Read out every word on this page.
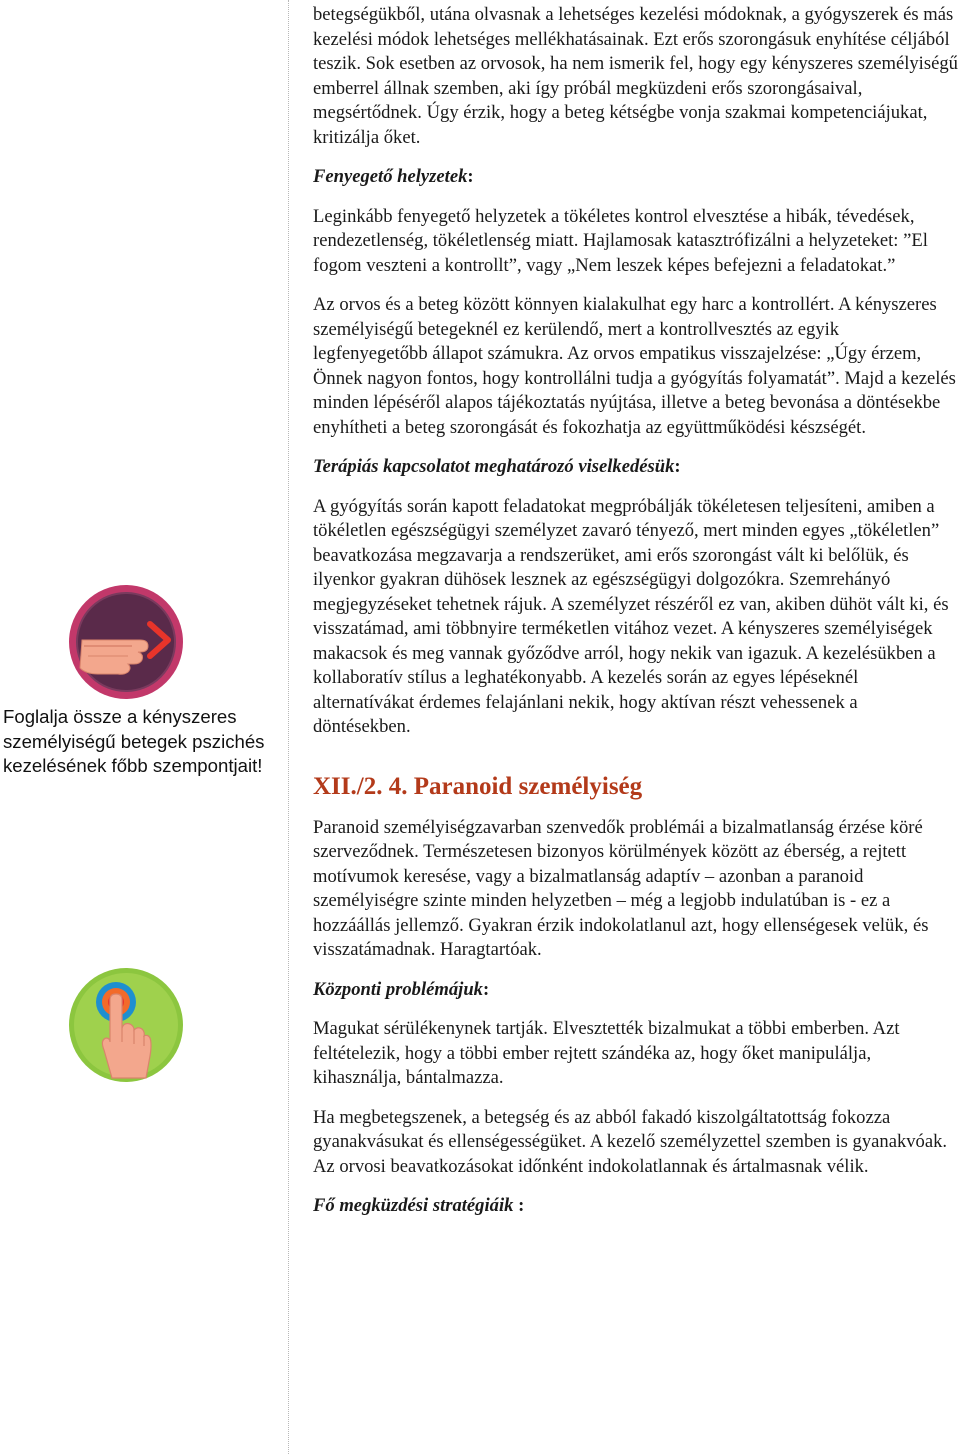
Foglalja össze a kényszeres személyiségű betegek pszichés kezelésének főbb szempontjait!

betegségükből, utána olvasnak a lehetséges kezelési módoknak, a gyógyszerek és más kezelési módok lehetséges mellékhatásainak. Ezt erős szorongásuk enyhítése céljából teszik. Sok esetben az orvosok, ha nem ismerik fel, hogy egy kényszeres személyiségű emberrel állnak szemben, aki így próbál megküzdeni erős szorongásaival, megsértődnek. Úgy érzik, hogy a beteg kétségbe vonja szakmai kompetenciájukat, kritizálja őket.

Fenyegető helyzetek:

Leginkább fenyegető helyzetek a tökéletes kontrol elvesztése a hibák, tévedések, rendezetlenség, tökéletlenség miatt. Hajlamosak katasztrófizálni a helyzeteket: ”El fogom veszteni a kontrollt”, vagy „Nem leszek képes befejezni a feladatokat.”

Az orvos és a beteg között könnyen kialakulhat egy harc a kontrollért. A kényszeres személyiségű betegeknél ez kerülendő, mert a kontrollvesztés az egyik legfenyegetőbb állapot számukra. Az orvos empatikus visszajelzése: „Úgy érzem, Önnek nagyon fontos, hogy kontrollálni tudja a gyógyítás folyamatát”. Majd a kezelés minden lépéséről alapos tájékoztatás nyújtása, illetve a beteg bevonása a döntésekbe enyhítheti a beteg szorongását és fokozhatja az együttműködési készségét.

Terápiás kapcsolatot meghatározó viselkedésük:

A gyógyítás során kapott feladatokat megpróbálják tökéletesen teljesíteni, amiben a tökéletlen egészségügyi személyzet zavaró tényező, mert minden egyes „tökéletlen” beavatkozása megzavarja a rendszerüket, ami erős szorongást vált ki belőlük, és ilyenkor gyakran dühösek lesznek az egészségügyi dolgozókra. Szemrehányó megjegyzéseket tehetnek rájuk. A személyzet részéről ez van, akiben dühöt vált ki, és visszatámad, ami többnyire terméketlen vitához vezet. A kényszeres személyiségek makacsok és meg vannak győződve arról, hogy nekik van igazuk. A kezelésükben a kollaboratív stílus a leghatékonyabb. A kezelés során az egyes lépéseknél alternatívákat érdemes felajánlani nekik, hogy aktívan részt vehessenek a döntésekben.

XII./2. 4. Paranoid személyiség

Paranoid személyiségzavarban szenvedők problémái a bizalmatlanság érzése köré szerveződnek. Természetesen bizonyos körülmények között az éberség, a rejtett motívumok keresése, vagy a bizalmatlanság adaptív – azonban a paranoid személyiségre szinte minden helyzetben – még a legjobb indulatúban is - ez a hozzáállás jellemző. Gyakran érzik indokolatlanul azt, hogy ellenségesek velük, és visszatámadnak. Haragtartóak.

Központi problémájuk:

Magukat sérülékenynek tartják. Elvesztették bizalmukat a többi emberben. Azt feltételezik, hogy a többi ember rejtett szándéka az, hogy őket manipulálja, kihasználja, bántalmazza.

Ha megbetegszenek, a betegség és az abból fakadó kiszolgáltatottság fokozza gyanakvásukat és ellenségességüket. A kezelő személyzettel szemben is gyanakvóak. Az orvosi beavatkozásokat időnként indokolatlannak és ártalmasnak vélik.

Fő megküzdési stratégiáik :
